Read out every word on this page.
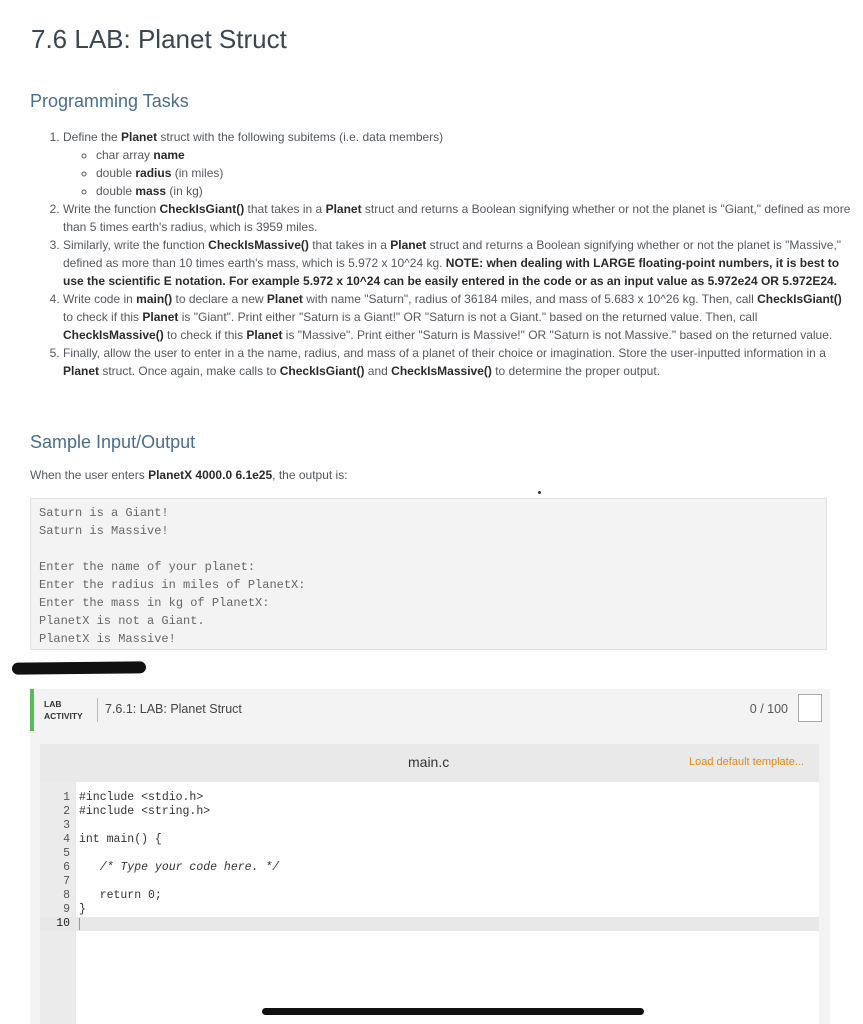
7.6 LAB: Planet Struct
Programming Tasks
1. Define the Planet struct with the following subitems (i.e. data members)
◦ char array name
◦ double radius (in miles)
◦ double mass (in kg)
2. Write the function CheckIsGiant() that takes in a Planet struct and returns a Boolean signifying whether or not the planet is "Giant," defined as more than 5 times earth's radius, which is 3959 miles.
3. Similarly, write the function CheckIsMassive() that takes in a Planet struct and returns a Boolean signifying whether or not the planet is "Massive," defined as more than 10 times earth's mass, which is 5.972 x 10^24 kg. NOTE: when dealing with LARGE floating-point numbers, it is best to use the scientific E notation. For example 5.972 x 10^24 can be easily entered in the code or as an input value as 5.972e24 OR 5.972E24.
4. Write code in main() to declare a new Planet with name "Saturn", radius of 36184 miles, and mass of 5.683 x 10^26 kg. Then, call CheckIsGiant() to check if this Planet is "Giant". Print either "Saturn is a Giant!" OR "Saturn is not a Giant." based on the returned value. Then, call CheckIsMassive() to check if this Planet is "Massive". Print either "Saturn is Massive!" OR "Saturn is not Massive." based on the returned value.
5. Finally, allow the user to enter in a the name, radius, and mass of a planet of their choice or imagination. Store the user-inputted information in a Planet struct. Once again, make calls to CheckIsGiant() and CheckIsMassive() to determine the proper output.
Sample Input/Output
When the user enters PlanetX 4000.0 6.1e25, the output is:
Saturn is a Giant!
Saturn is Massive!
Enter the name of your planet:
Enter the radius in miles of PlanetX:
Enter the mass in kg of PlanetX:
PlanetX is not a Giant.
PlanetX is Massive!
LAB
ACTIVITY 7.6.1: LAB: Planet Struct	0 / 100
main.c	Load default template...
1 #include <stdio.h>
2 #include <string.h>
3
4 int main() {
5
6 /* Type your code here. */
7
8 return 0;
9 }
10
